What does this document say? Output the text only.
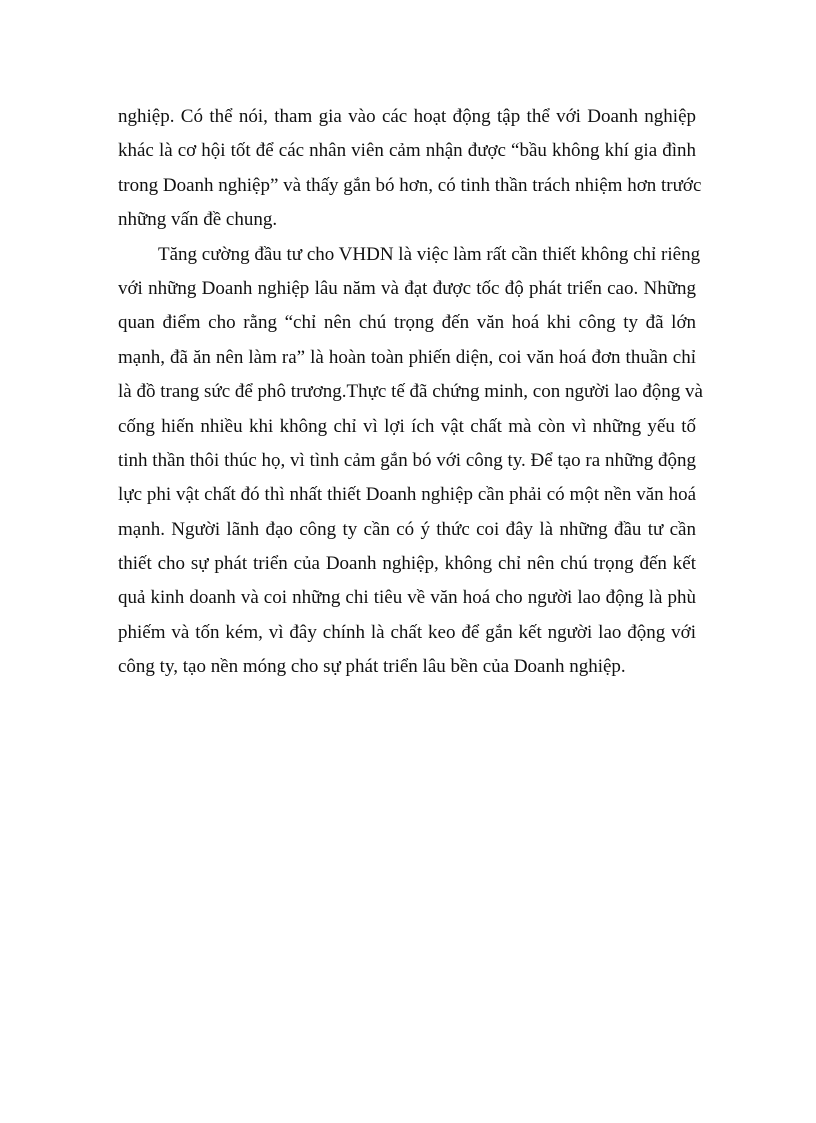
nghiệp. Có thể nói, tham gia vào các hoạt động tập thể với Doanh nghiệp
khác là cơ hội tốt để các nhân viên cảm nhận được “bầu không khí gia đình
trong Doanh nghiệp” và thấy gắn bó hơn, có tinh thần trách nhiệm hơn trước
những vấn đề chung.
Tăng cường đầu tư cho VHDN là việc làm rất cần thiết không chỉ riêng
với những Doanh nghiệp lâu năm và đạt được tốc độ phát triển cao. Những
quan điểm cho rằng “chỉ nên chú trọng đến văn hoá khi công ty đã lớn
mạnh, đã ăn nên làm ra” là hoàn toàn phiến diện, coi văn hoá đơn thuần chỉ
là đồ trang sức để phô trương.Thực tế đã chứng minh, con người lao động và
cống hiến nhiều khi không chỉ vì lợi ích vật chất mà còn vì những yếu tố
tinh thần thôi thúc họ, vì tình cảm gắn bó với công ty. Để tạo ra những động
lực phi vật chất đó thì nhất thiết Doanh nghiệp cần phải có một nền văn hoá
mạnh. Người lãnh đạo công ty cần có ý thức coi đây là những đầu tư cần
thiết cho sự phát triển của Doanh nghiệp, không chỉ nên chú trọng đến kết
quả kinh doanh và coi những chi tiêu về văn hoá cho người lao động là phù
phiếm và tốn kém, vì đây chính là chất keo để gắn kết người lao động với
công ty, tạo nền móng cho sự phát triển lâu bền của Doanh nghiệp.
